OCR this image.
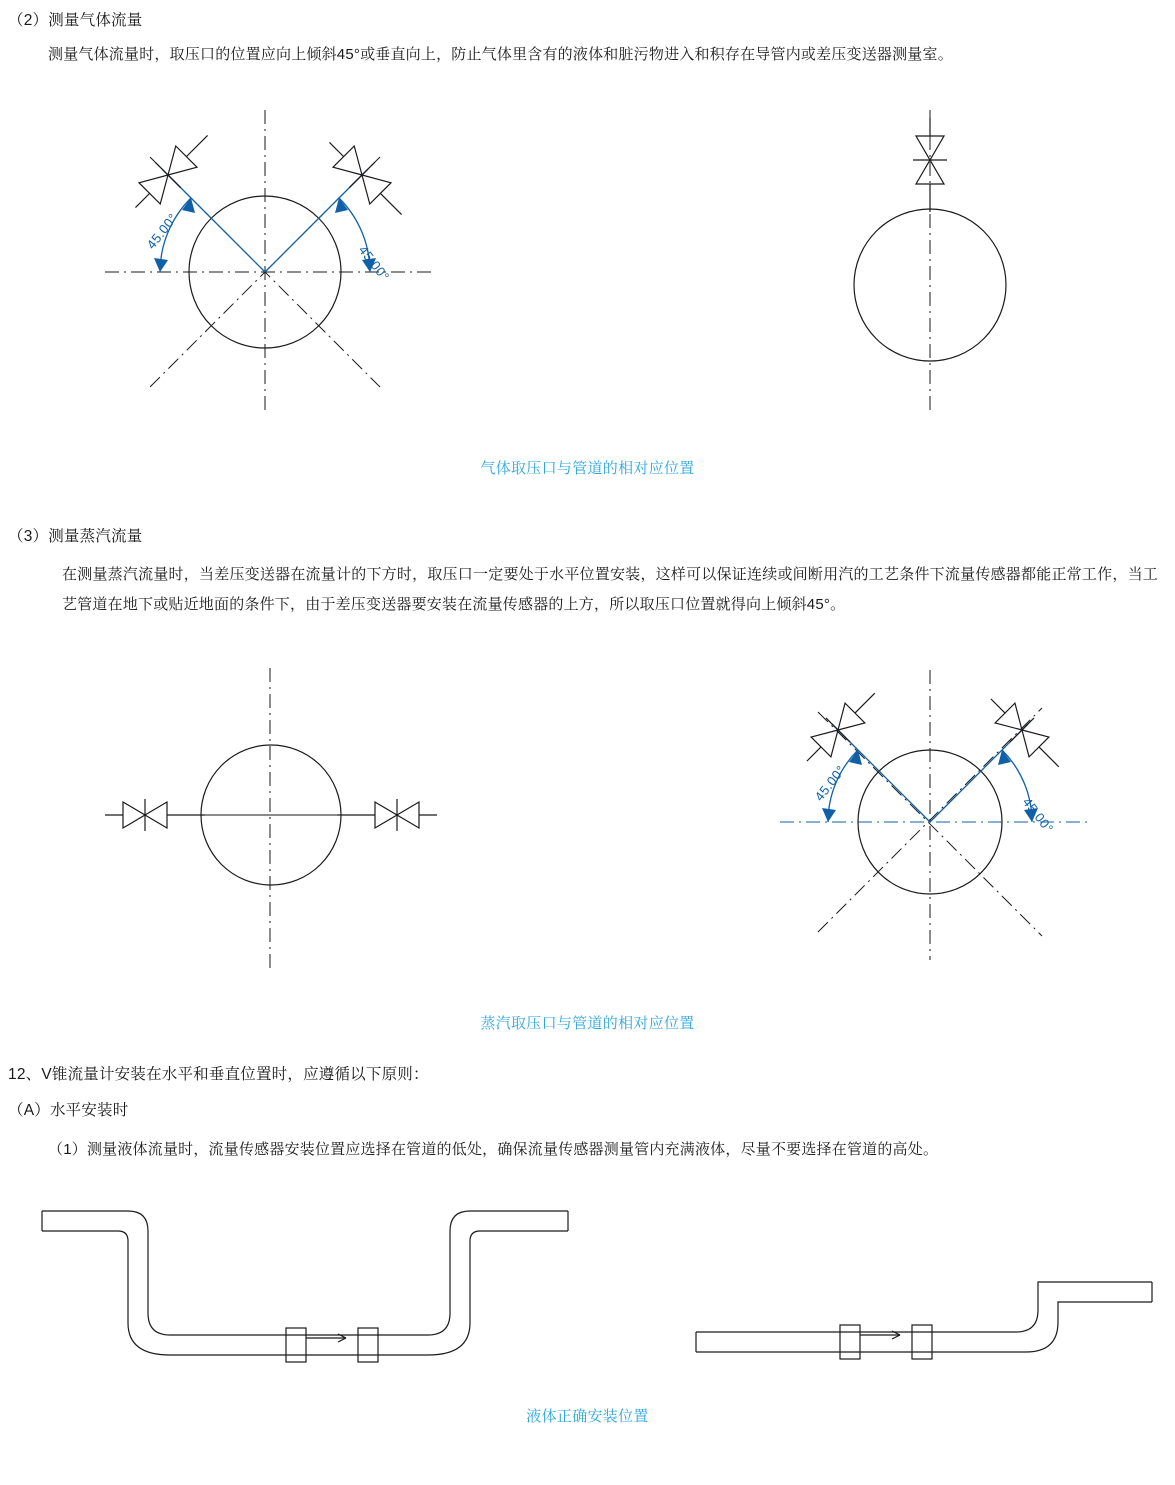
（2）测量气体流量
测量气体流量时，取压口的位置应向上倾斜45°或垂直向上，防止气体里含有的液体和脏污物进入和积存在导管内或差压变送器测量室。
45.00°
45.00°
气体取压口与管道的相对应位置
（3）测量蒸汽流量
在测量蒸汽流量时，当差压变送器在流量计的下方时，取压口一定要处于水平位置安装，这样可以保证连续或间断用汽的工艺条件下流量传感器都能正常工作，当工艺管道在地下或贴近地面的条件下，由于差压变送器要安装在流量传感器的上方，所以取压口位置就得向上倾斜45°。
45.00°
45.00°
蒸汽取压口与管道的相对应位置
12、V锥流量计安装在水平和垂直位置时，应遵循以下原则：
（A）水平安装时
（1）测量液体流量时，流量传感器安装位置应选择在管道的低处，确保流量传感器测量管内充满液体，尽量不要选择在管道的高处。
液体正确安装位置
